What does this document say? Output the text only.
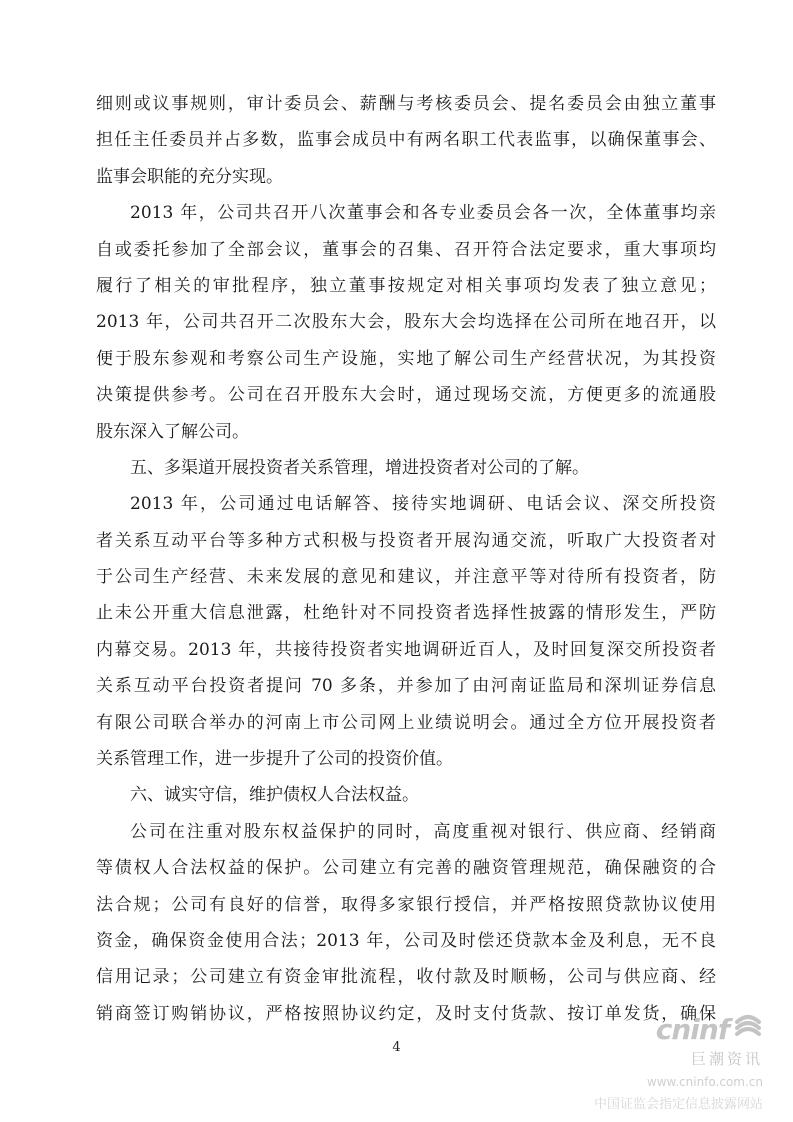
细则或议事规则，审计委员会、薪酬与考核委员会、提名委员会由独立董事
担任主任委员并占多数，监事会成员中有两名职工代表监事，以确保董事会、
监事会职能的充分实现。
2013 年，公司共召开八次董事会和各专业委员会各一次，全体董事均亲
自或委托参加了全部会议，董事会的召集、召开符合法定要求，重大事项均
履行了相关的审批程序，独立董事按规定对相关事项均发表了独立意见；
2013 年，公司共召开二次股东大会，股东大会均选择在公司所在地召开，以
便于股东参观和考察公司生产设施，实地了解公司生产经营状况，为其投资
决策提供参考。公司在召开股东大会时，通过现场交流，方便更多的流通股
股东深入了解公司。
五、多渠道开展投资者关系管理，增进投资者对公司的了解。
2013 年，公司通过电话解答、接待实地调研、电话会议、深交所投资
者关系互动平台等多种方式积极与投资者开展沟通交流，听取广大投资者对
于公司生产经营、未来发展的意见和建议，并注意平等对待所有投资者，防
止未公开重大信息泄露，杜绝针对不同投资者选择性披露的情形发生，严防
内幕交易。2013 年，共接待投资者实地调研近百人，及时回复深交所投资者
关系互动平台投资者提问 70 多条，并参加了由河南证监局和深圳证券信息
有限公司联合举办的河南上市公司网上业绩说明会。通过全方位开展投资者
关系管理工作，进一步提升了公司的投资价值。
六、诚实守信，维护债权人合法权益。
公司在注重对股东权益保护的同时，高度重视对银行、供应商、经销商
等债权人合法权益的保护。公司建立有完善的融资管理规范，确保融资的合
法合规；公司有良好的信誉，取得多家银行授信，并严格按照贷款协议使用
资金，确保资金使用合法；2013 年，公司及时偿还贷款本金及利息，无不良
信用记录；公司建立有资金审批流程，收付款及时顺畅，公司与供应商、经
销商签订购销协议，严格按照协议约定，及时支付货款、按订单发货，确保
4
cninf
巨潮资讯
www.cninfo.com.cn
中国证监会指定信息披露网站
